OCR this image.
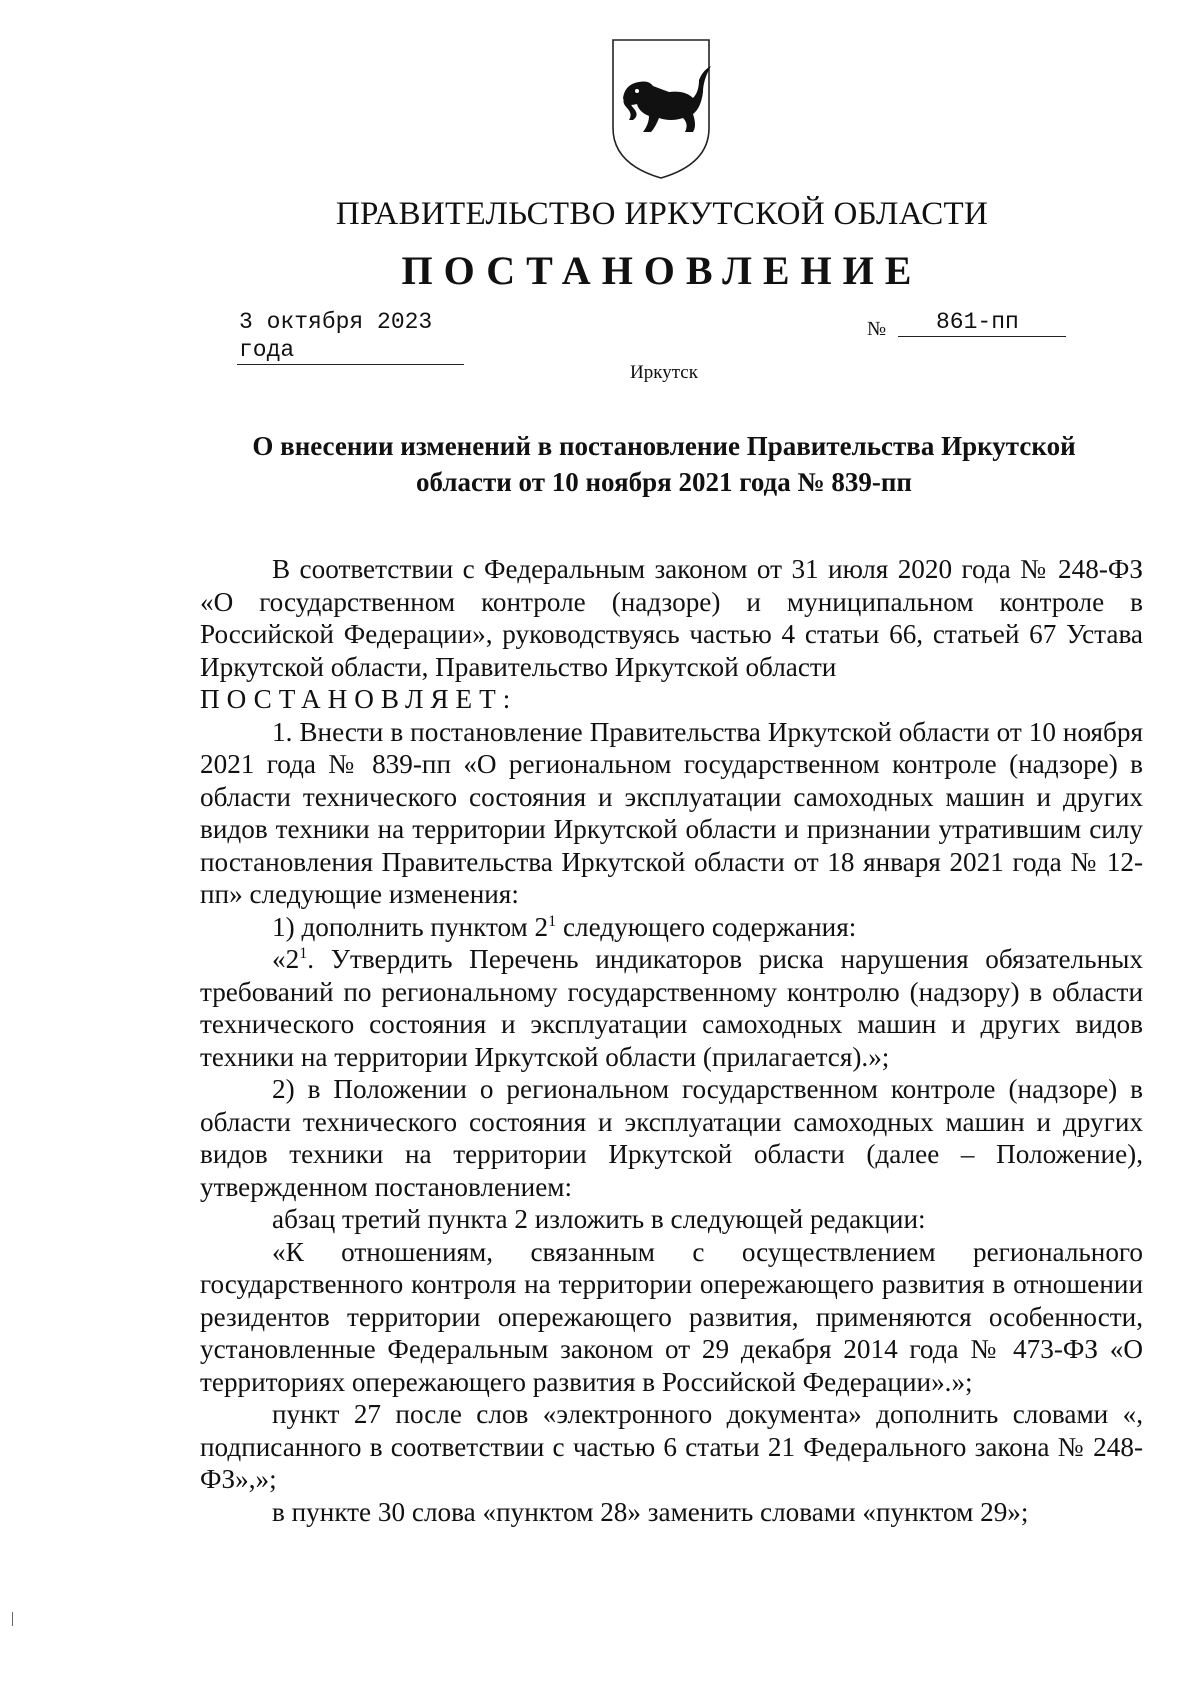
ПРАВИТЕЛЬСТВО ИРКУТСКОЙ ОБЛАСТИ
ПОСТАНОВЛЕНИЕ
3 октября 2023 года
№	861-пп
Иркутск
О внесении изменений в постановление Правительства Иркутской
области от 10 ноября 2021 года № 839-пп

В соответствии с Федеральным законом от 31 июля 2020 года № 248-ФЗ «О государственном контроле (надзоре) и муниципальном контроле в Российской Федерации», руководствуясь частью 4 статьи 66, статьей 67 Устава Иркутской области, Правительство Иркутской области

ПОСТАНОВЛЯЕТ:

1. Внести в постановление Правительства Иркутской области от 10 ноября 2021 года № 839-пп «О региональном государственном контроле (надзоре) в области технического состояния и эксплуатации самоходных машин и других видов техники на территории Иркутской области и признании утратившим силу постановления Правительства Иркутской области от 18 января 2021 года № 12-пп» следующие изменения:

1) дополнить пунктом $2^1$ следующего содержания:

«$2^1$. Утвердить Перечень индикаторов риска нарушения обязательных требований по региональному государственному контролю (надзору) в области технического состояния и эксплуатации самоходных машин и других видов техники на территории Иркутской области (прилагается).»;

2) в Положении о региональном государственном контроле (надзоре) в области технического состояния и эксплуатации самоходных машин и других видов техники на территории Иркутской области (далее – Положение), утвержденном постановлением:

абзац третий пункта 2 изложить в следующей редакции:

«К отношениям, связанным с осуществлением регионального государственного контроля на территории опережающего развития в отношении резидентов территории опережающего развития, применяются особенности, установленные Федеральным законом от 29 декабря 2014 года № 473-ФЗ «О территориях опережающего развития в Российской Федерации».»;

пункт 27 после слов «электронного документа» дополнить словами «, подписанного в соответствии с частью 6 статьи 21 Федерального закона № 248-ФЗ»,»;

в пункте 30 слова «пунктом 28» заменить словами «пунктом 29»;
